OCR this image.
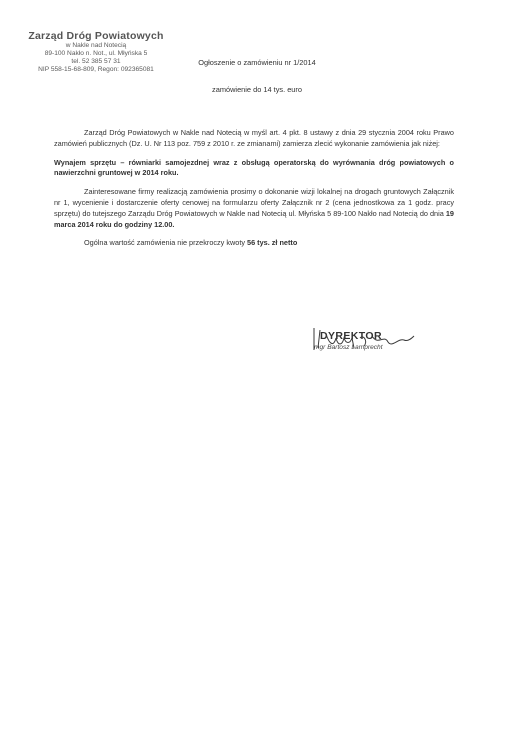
Zarząd Dróg Powiatowych
w Nakle nad Notecią
89-100 Nakło n. Not., ul. Młyńska 5
tel. 52 385 57 31
NIP 558-15-68-809, Regon: 092365081
Ogłoszenie o zamówieniu nr 1/2014
zamówienie do 14 tys. euro

Zarząd Dróg Powiatowych w Nakle nad Notecią w myśl art. 4 pkt. 8 ustawy z dnia 29 stycznia 2004 roku Prawo zamówień publicznych (Dz. U. Nr 113 poz. 759 z 2010 r. ze zmianami) zamierza zlecić wykonanie zamówienia jak niżej:

Wynajem sprzętu – równiarki samojezdnej wraz z obsługą operatorską do wyrównania dróg powiatowych o nawierzchni gruntowej w 2014 roku.

Zainteresowane firmy realizacją zamówienia prosimy o dokonanie wizji lokalnej na drogach gruntowych Załącznik nr 1, wycenienie i dostarczenie oferty cenowej na formularzu oferty Załącznik nr 2 (cena jednostkowa za 1 godz. pracy sprzętu) do tutejszego Zarządu Dróg Powiatowych w Nakle nad Notecią ul. Młyńska 5 89-100 Nakło nad Notecią do dnia 19 marca 2014 roku do godziny 12.00.

Ogólna wartość zamówienia nie przekroczy kwoty 56 tys. zł netto

DYREKTOR
mgr Bartosz Lamprecht
